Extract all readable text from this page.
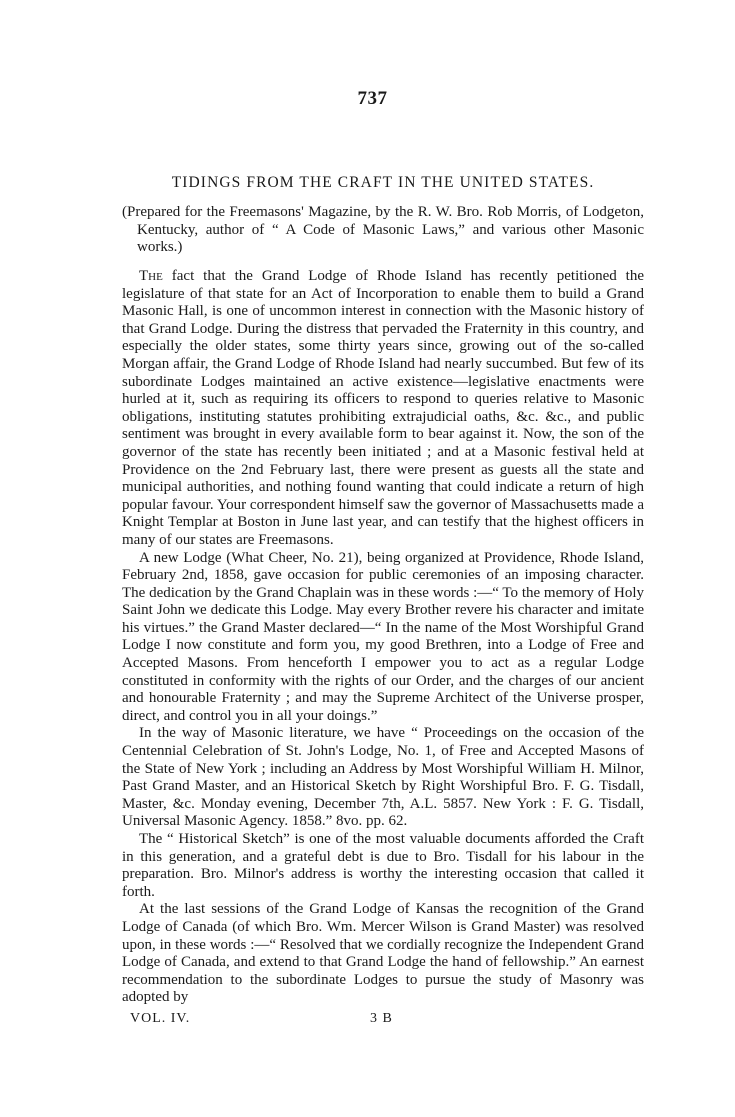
737
TIDINGS FROM THE CRAFT IN THE UNITED STATES.
(Prepared for the Freemasons' Magazine, by the R. W. Bro. Rob Morris, of Lodgeton, Kentucky, author of “ A Code of Masonic Laws,” and various other Masonic works.)

The fact that the Grand Lodge of Rhode Island has recently petitioned the legislature of that state for an Act of Incorporation to enable them to build a Grand Masonic Hall, is one of uncommon interest in connection with the Masonic history of that Grand Lodge. During the distress that pervaded the Fraternity in this country, and especially the older states, some thirty years since, growing out of the so-called Morgan affair, the Grand Lodge of Rhode Island had nearly succumbed. But few of its subordinate Lodges maintained an active existence—legislative enactments were hurled at it, such as requiring its officers to respond to queries relative to Masonic obligations, instituting statutes prohibiting extrajudicial oaths, &c. &c., and public sentiment was brought in every available form to bear against it. Now, the son of the governor of the state has recently been initiated ; and at a Masonic festival held at Providence on the 2nd February last, there were present as guests all the state and municipal authorities, and nothing found wanting that could indicate a return of high popular favour. Your correspondent himself saw the governor of Massachusetts made a Knight Templar at Boston in June last year, and can testify that the highest officers in many of our states are Freemasons.

A new Lodge (What Cheer, No. 21), being organized at Providence, Rhode Island, February 2nd, 1858, gave occasion for public ceremonies of an imposing character. The dedication by the Grand Chaplain was in these words :—“ To the memory of Holy Saint John we dedicate this Lodge. May every Brother revere his character and imitate his virtues.” the Grand Master declared—“ In the name of the Most Worshipful Grand Lodge I now constitute and form you, my good Brethren, into a Lodge of Free and Accepted Masons. From henceforth I empower you to act as a regular Lodge constituted in conformity with the rights of our Order, and the charges of our ancient and honourable Fraternity ; and may the Supreme Architect of the Universe prosper, direct, and control you in all your doings.”

In the way of Masonic literature, we have “ Proceedings on the occasion of the Centennial Celebration of St. John's Lodge, No. 1, of Free and Accepted Masons of the State of New York ; including an Address by Most Worshipful William H. Milnor, Past Grand Master, and an Historical Sketch by Right Worshipful Bro. F. G. Tisdall, Master, &c. Monday evening, December 7th, A.L. 5857. New York : F. G. Tisdall, Universal Masonic Agency. 1858.” 8vo. pp. 62.

The “ Historical Sketch” is one of the most valuable documents afforded the Craft in this generation, and a grateful debt is due to Bro. Tisdall for his labour in the preparation. Bro. Milnor's address is worthy the interesting occasion that called it forth.

At the last sessions of the Grand Lodge of Kansas the recognition of the Grand Lodge of Canada (of which Bro. Wm. Mercer Wilson is Grand Master) was resolved upon, in these words :—“ Resolved that we cordially recognize the Independent Grand Lodge of Canada, and extend to that Grand Lodge the hand of fellowship.” An earnest recommendation to the subordinate Lodges to pursue the study of Masonry was adopted by

VOL. IV.	3 B
